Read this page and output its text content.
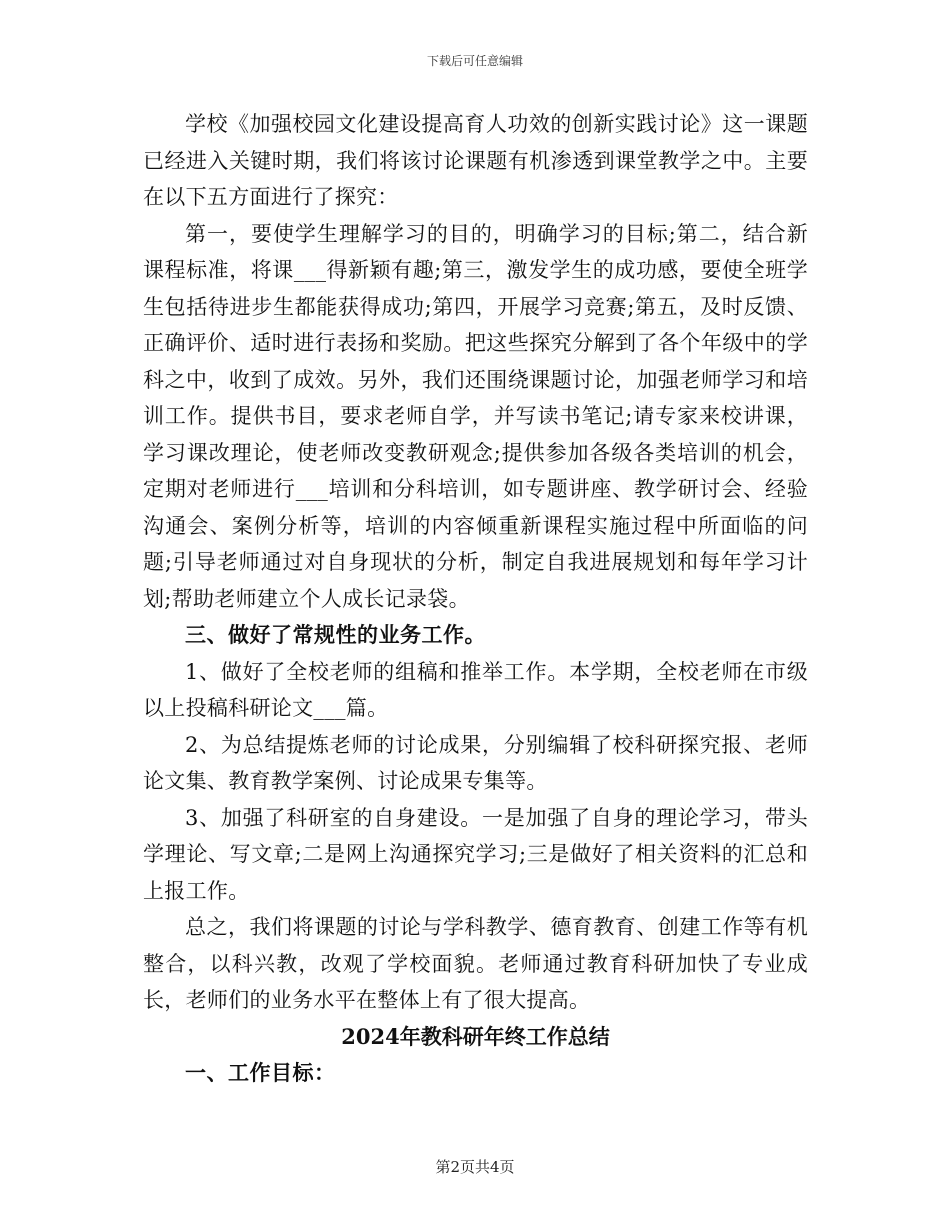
下载后可任意编辑

学校《加强校园文化建设提高育人功效的创新实践讨论》这一课题已经进入关键时期，我们将该讨论课题有机渗透到课堂教学之中。主要在以下五方面进行了探究：

第一，要使学生理解学习的目的，明确学习的目标;第二，结合新课程标准，将课___得新颖有趣;第三，激发学生的成功感，要使全班学生包括待进步生都能获得成功;第四，开展学习竞赛;第五，及时反馈、正确评价、适时进行表扬和奖励。把这些探究分解到了各个年级中的学科之中，收到了成效。另外，我们还围绕课题讨论，加强老师学习和培训工作。提供书目，要求老师自学，并写读书笔记;请专家来校讲课，学习课改理论，使老师改变教研观念;提供参加各级各类培训的机会，定期对老师进行___培训和分科培训，如专题讲座、教学研讨会、经验沟通会、案例分析等，培训的内容倾重新课程实施过程中所面临的问题;引导老师通过对自身现状的分析，制定自我进展规划和每年学习计划;帮助老师建立个人成长记录袋。

三、做好了常规性的业务工作。

1、做好了全校老师的组稿和推举工作。本学期，全校老师在市级以上投稿科研论文___篇。

2、为总结提炼老师的讨论成果，分别编辑了校科研探究报、老师论文集、教育教学案例、讨论成果专集等。

3、加强了科研室的自身建设。一是加强了自身的理论学习，带头学理论、写文章;二是网上沟通探究学习;三是做好了相关资料的汇总和上报工作。

总之，我们将课题的讨论与学科教学、德育教育、创建工作等有机整合，以科兴教，改观了学校面貌。老师通过教育科研加快了专业成长，老师们的业务水平在整体上有了很大提高。

2024年教科研年终工作总结

一、工作目标：

第2页共4页
